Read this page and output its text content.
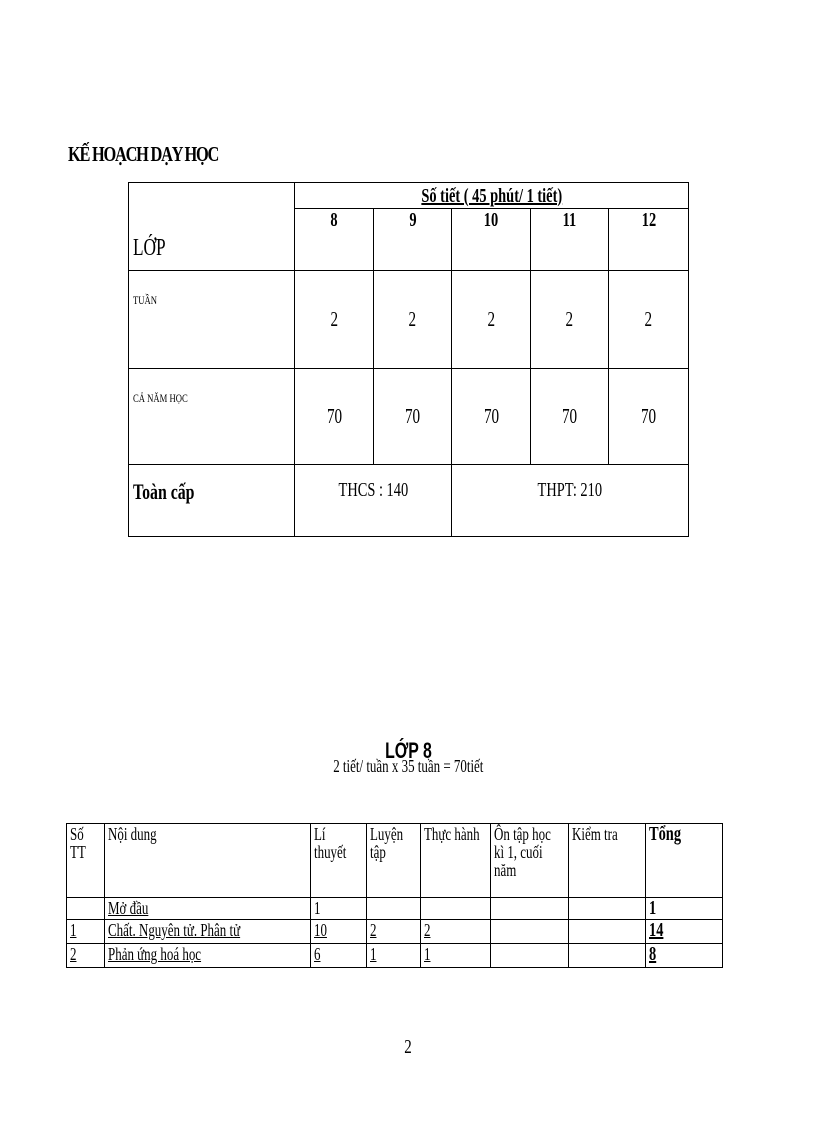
KẾ HOẠCH DẠY HỌC
LỚP	Số tiết ( 45 phút/ 1 tiết)				
	8	9	10	11	12
TUẦN	2	2	2	2	2
CẢ NĂM HỌC	70	70	70	70	70
Toàn cấp	THCS : 140		THPT: 210		
LỚP 8
2 tiết/ tuần x 35 tuần = 70tiết
Số TT	Nội dung	Lí thuyết	Luyện tập	Thực hành	Ôn tập học kì 1, cuối năm	Kiểm tra	Tổng
	Mở đầu	1					1
1	Chất. Nguyên tử. Phân tử	10	2	2			14
2	Phản ứng hoá học	6	1	1			8
2
